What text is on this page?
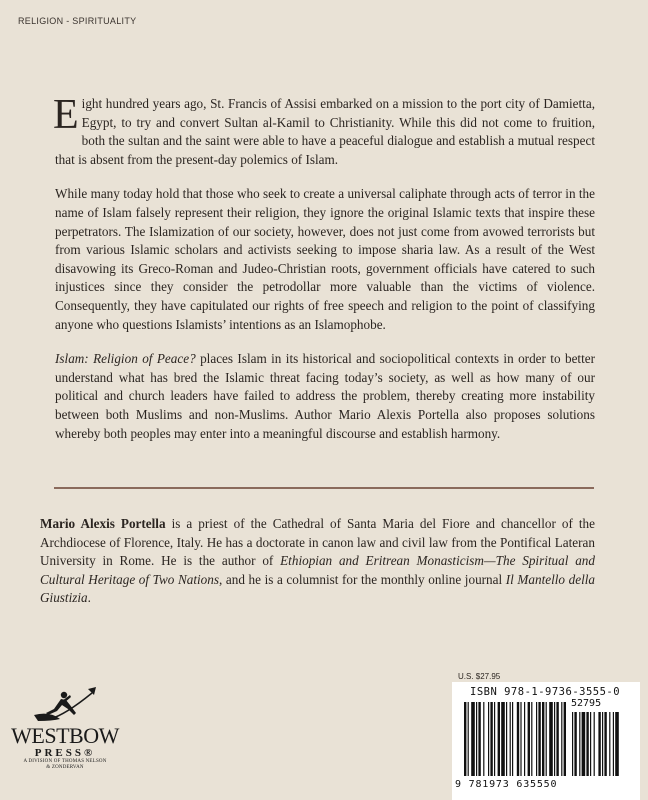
RELIGION - SPIRITUALITY

Eight hundred years ago, St. Francis of Assisi embarked on a mission to the port city of Damietta, Egypt, to try and convert Sultan al-Kamil to Christianity. While this did not come to fruition, both the sultan and the saint were able to have a peaceful dialogue and establish a mutual respect that is absent from the present-day polemics of Islam.

While many today hold that those who seek to create a universal caliphate through acts of terror in the name of Islam falsely represent their religion, they ignore the original Islamic texts that inspire these perpetrators. The Islamization of our society, however, does not just come from avowed terrorists but from various Islamic scholars and activists seeking to impose sharia law. As a result of the West disavowing its Greco-Roman and Judeo-Christian roots, government officials have catered to such injustices since they consider the petrodollar more valuable than the victims of violence. Consequently, they have capitulated our rights of free speech and religion to the point of classifying anyone who questions Islamists’ intentions as an Islamophobe.

Islam: Religion of Peace? places Islam in its historical and sociopolitical contexts in order to better understand what has bred the Islamic threat facing today’s society, as well as how many of our political and church leaders have failed to address the problem, thereby creating more instability between both Muslims and non-Muslims. Author Mario Alexis Portella also proposes solutions whereby both peoples may enter into a meaningful discourse and establish harmony.

Mario Alexis Portella is a priest of the Cathedral of Santa Maria del Fiore and chancellor of the Archdiocese of Florence, Italy. He has a doctorate in canon law and civil law from the Pontifical Lateran University in Rome. He is the author of Ethiopian and Eritrean Monasticism—The Spiritual and Cultural Heritage of Two Nations, and he is a columnist for the monthly online journal Il Mantello della Giustizia.

WESTBOW
PRESS®
A DIVISION OF THOMAS NELSON
& ZONDERVAN
U.S. $27.95
ISBN 978-1-9736-3555-0
52795
9 781973 635550
